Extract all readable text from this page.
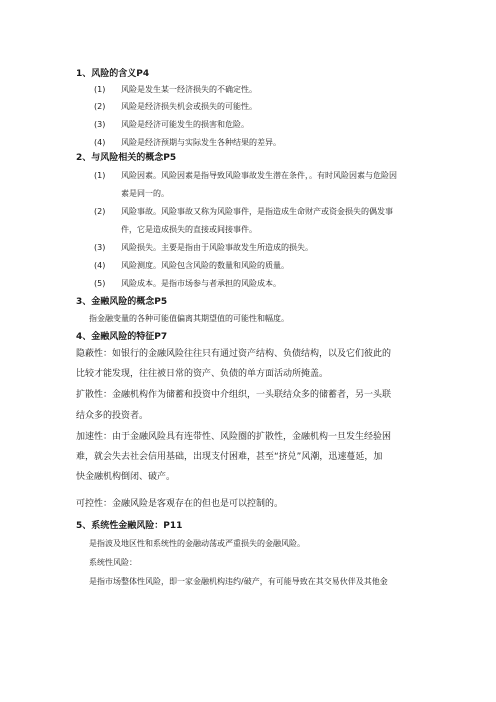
1、风险的含义P4
(1) 风险是发生某一经济损失的不确定性。
(2) 风险是经济损失机会或损失的可能性。
(3) 风险是经济可能发生的损害和危险。
(4) 风险是经济预期与实际发生各种结果的差异。
2、与风险相关的概念P5
(1) 风险因素。风险因素是指导致风险事故发生潜在条件，。有时风险因素与危险因
素是同一的。
(2) 风险事故。风险事故又称为风险事件，是指造成生命财产或资金损失的偶发事
件，它是造成损失的直接或间接事件。
(3) 风险损失。主要是指由于风险事故发生所造成的损失。
(4) 风险测度。风险包含风险的数量和风险的质量。
(5) 风险成本。是指市场参与者承担的风险成本。
3、金融风险的概念P5
指金融变量的各种可能值偏离其期望值的可能性和幅度。
4、金融风险的特征P7
隐蔽性：如银行的金融风险往往只有通过资产结构、负债结构，以及它们彼此的
比较才能发现，往往被日常的资产、负债的单方面活动所掩盖。
扩散性：金融机构作为储蓄和投资中介组织，一头联结众多的储蓄者，另一头联
结众多的投资者。
加速性：由于金融风险具有连带性、风险圈的扩散性，金融机构一旦发生经验困
难，就会失去社会信用基础，出现支付困难，甚至“挤兑”风潮，迅速蔓延，加
快金融机构倒闭、破产。
可控性：金融风险是客观存在的但也是可以控制的。
5、系统性金融风险：P11
是指波及地区性和系统性的金融动荡或严重损失的金融风险。
系统性风险：
是指市场整体性风险，即一家金融机构违约/破产，有可能导致在其交易伙伴及其他金
